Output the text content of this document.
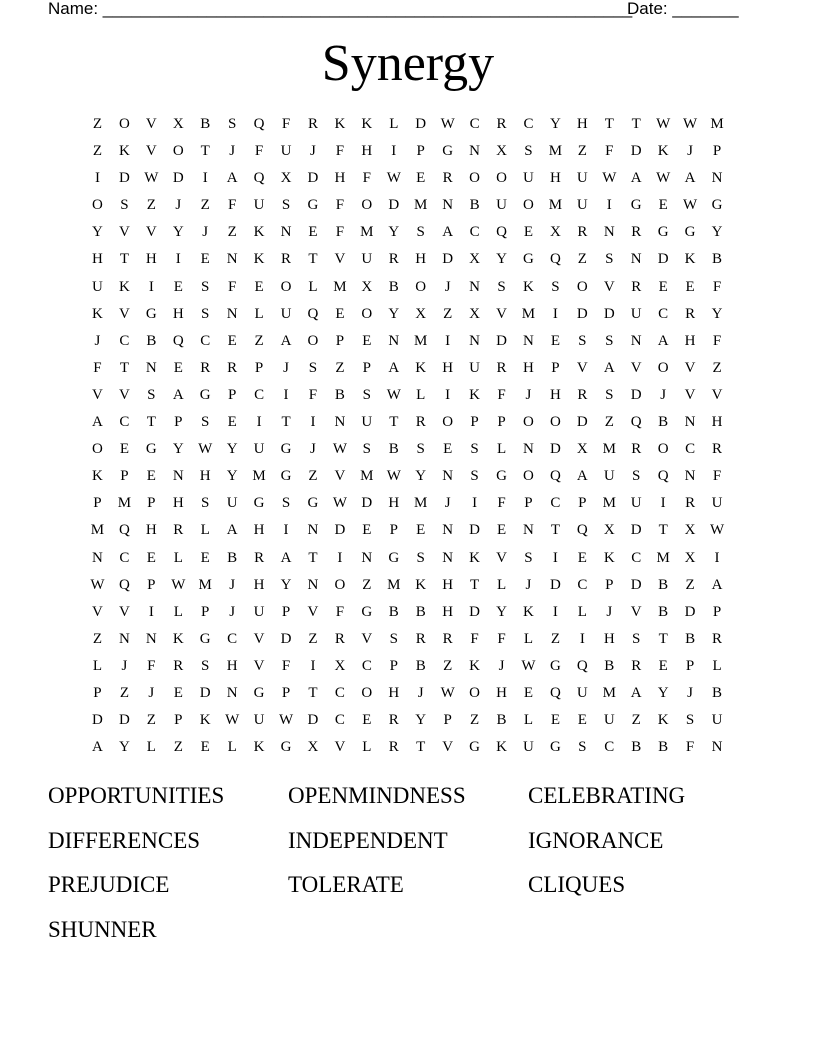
Name: ________________________________________________________
Date: _______
Synergy
Z	O	V	X	B	S	Q	F	R	K	K	L	D W C	R	C	Y	H	T	T	W W M
Z	K	V	O	T	J	F	U	J	F	H	I	P	G	N	X	S	M	Z	F	D	K	J	P
I	D W D	I	A	Q	X	D	H	F	W	E	R	O	O	U	H	U W A W A	N
O	S	Z	J	Z	F	U	S	G	F	O	D M N	B	U	O M U	I	G	E	W G
Y	V	V	Y	J	Z	K	N	E	F	M Y	S	A	C	Q	E	X	R	N	R	G	G	Y
H	T	H	I	E	N	K	R	T	V	U	R	H	D	X	Y	G	Q	Z	S	N	D	K	B
U	K	I	E	S	F	E	O	L	M X	B	O	J	N	S	K	S	O	V	R	E	E	F
K	V	G	H	S	N	L	U	Q	E	O	Y	X	Z	X	V M	I	D	D	U	C	R	Y
J	C	B	Q	C	E	Z	A	O	P	E	N M	I	N	D	N	E	S	S	N	A	H	F
F	T	N	E	R	R	P	J	S	Z	P	A	K	H	U	R	H	P	V	A	V	O	V	Z
V	V	S	A	G	P	C	I	F	B	S	W	L	I	K	F	J	H	R	S	D	J	V	V
A	C	T	P	S	E	I	T	I	N	U	T	R	O	P	P	O	O	D	Z	Q	B	N	H
O	E	G	Y W Y	U	G	J	W	S	B	S	E	S	L	N	D	X M	R	O	C	R
K	P	E	N	H	Y M G	Z	V M W Y	N	S	G	O	Q	A	U	S	Q	N	F
P	M	P	H	S	U	G	S	G W D	H M	J	I	F	P	C	P	M U	I	R	U
M Q	H	R	L	A	H	I	N	D	E	P	E	N	D	E	N	T	Q	X	D	T	X W
N	C	E	L	E	B	R	A	T	I	N	G	S	N	K	V	S	I	E	K	C	M X	I
W Q	P	W M	J	H	Y	N	O	Z	M K	H	T	L	J	D	C	P	D	B	Z	A
V	V	I	L	P	J	U	P	V	F	G	B	B	H	D	Y	K	I	L	J	V	B	D	P
Z	N	N	K	G	C	V	D	Z	R	V	S	R	R	F	F	L	Z	I	H	S	T	B	R
L	J	F	R	S	H	V	F	I	X	C	P	B	Z	K	J	W G	Q	B	R	E	P	L
P	Z	J	E	D	N	G	P	T	C	O	H	J	W O	H	E	Q	U M A	Y	J	B
D	D	Z	P	K W U W D	C	E	R	Y	P	Z	B	L	E	E	U	Z	K	S	U
A	Y	L	Z	E	L	K	G	X	V	L	R	T	V	G	K	U	G	S	C	B	B	F	N
OPPORTUNITIES	OPENMINDNESS	CELEBRATING
DIFFERENCES	INDEPENDENT	IGNORANCE
PREJUDICE	TOLERATE	CLIQUES
SHUNNER
